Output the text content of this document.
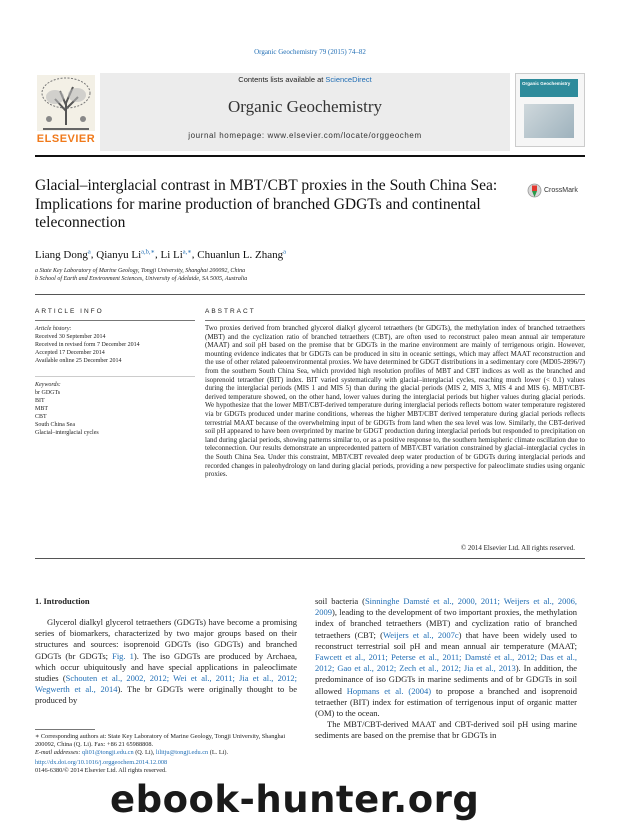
Organic Geochemistry 79 (2015) 74–82
ELSEVIER
Contents lists available at ScienceDirect
Organic Geochemistry
journal homepage: www.elsevier.com/locate/orggeochem
Organic Geochemistry
Glacial–interglacial contrast in MBT/CBT proxies in the South China Sea: Implications for marine production of branched GDGTs and continental teleconnection
CrossMark
Liang Dong$^a$, Qianyu $Li^{a,b,∗}$, Li $Li^{a,∗}$, Chuanlun L. Zhang$^a$
a State Key Laboratory of Marine Geology, Tongji University, Shanghai 200092, China
b School of Earth and Environment Sciences, University of Adelaide, SA 5005, Australia
ARTICLE INFO	ABSTRACT
Article history:
Received 30 September 2014
Received in revised form 7 December 2014
Accepted 17 December 2014
Available online 25 December 2014
Keywords:
br GDGTs
BIT
MBT
CBT
South China Sea
Glacial–interglacial cycles
Two proxies derived from branched glycerol dialkyl glycerol tetraethers (br GDGTs), the methylation index of branched tetraethers (MBT) and the cyclization ratio of branched tetraethers (CBT), are often used to reconstruct paleo mean annual air temperature (MAAT) and soil pH based on the premise that br GDGTs in the marine environment are mainly of terrigenous origin. However, mounting evidence indicates that br GDGTs can be produced in situ in oceanic settings, which may affect MAAT reconstruction and the use of other related paleoenvironmental proxies. We have determined br GDGT distributions in a sedimentary core (MD05-2896/7) from the southern South China Sea, which provided high resolution profiles of MBT and CBT indices as well as the branched and isoprenoid tetraether (BIT) index. BIT varied systematically with glacial–interglacial cycles, reaching much lower (< 0.1) values during the interglacial periods (MIS 1 and MIS 5) than during the glacial periods (MIS 2, MIS 3, MIS 4 and MIS 6). MBT/CBT-derived temperature showed, on the other hand, lower values during the interglacial periods but higher values during glacial periods. We hypothesize that the lower MBT/CBT-derived temperature during interglacial periods reflects bottom water temperature registered via br GDGTs produced under marine conditions, whereas the higher MBT/CBT derived temperature during glacial periods reflects terrestrial MAAT because of the overwhelming input of br GDGTs from land when the sea level was low. Similarly, the CBT-derived soil pH appeared to have been overprinted by marine br GDGT production during interglacial periods but responded to precipitation on land during glacial periods, showing patterns similar to, or as a positive response to, the southern hemispheric climate oscillation due to teleconnection. Our results demonstrate an unprecedented pattern of MBT/CBT variation constrained by glacial–interglacial cycles in the South China Sea. Under this constraint, MBT/CBT revealed deep water production of br GDGTs during interglacial periods and recorded changes in paleohydrology on land during glacial periods, providing a new perspective for paleoclimate studies using organic proxies.
© 2014 Elsevier Ltd. All rights reserved.
1. Introduction
Glycerol dialkyl glycerol tetraethers (GDGTs) have become a promising series of biomarkers, characterized by two major groups based on their structures and sources: isoprenoid GDGTs (iso GDGTs) and branched GDGTs (br GDGTs; Fig. 1). The iso GDGTs are produced by Archaea, which occur ubiquitously and have special applications in paleoclimate studies (Schouten et al., 2002, 2012; Wei et al., 2011; Jia et al., 2012; Wegwerth et al., 2014). The br GDGTs were originally thought to be produced by
soil bacteria (Sinninghe Damsté et al., 2000, 2011; Weijers et al., 2006, 2009), leading to the development of two important proxies, the methylation index of branched tetraethers (MBT) and cyclization ratio of branched tetraethers (CBT; (Weijers et al., 2007c) that have been widely used to reconstruct terrestrial soil pH and mean annual air temperature (MAAT; Fawcett et al., 2011; Peterse et al., 2011; Damsté et al., 2012; Das et al., 2012; Gao et al., 2012; Zech et al., 2012; Jia et al., 2013). In addition, the predominance of iso GDGTs in marine sediments and of br GDGTs in soil allowed Hopmans et al. (2004) to propose a branched and isoprenoid tetraether (BIT) index for estimation of terrigenous input of organic matter (OM) to the ocean.
The MBT/CBT-derived MAAT and CBT-derived soil pH using marine sediments are based on the premise that br GDGTs in
∗ Corresponding authors at: State Key Laboratory of Marine Geology, Tongji University, Shanghai 200092, China (Q. Li). Fax: +86 21 65988808.
E-mail addresses: qli01@tongji.edu.cn (Q. Li), lilitju@tongji.edu.cn (L. Li).
http://dx.doi.org/10.1016/j.orggeochem.2014.12.008
0146-6380/© 2014 Elsevier Ltd. All rights reserved.
ebook-hunter.org
